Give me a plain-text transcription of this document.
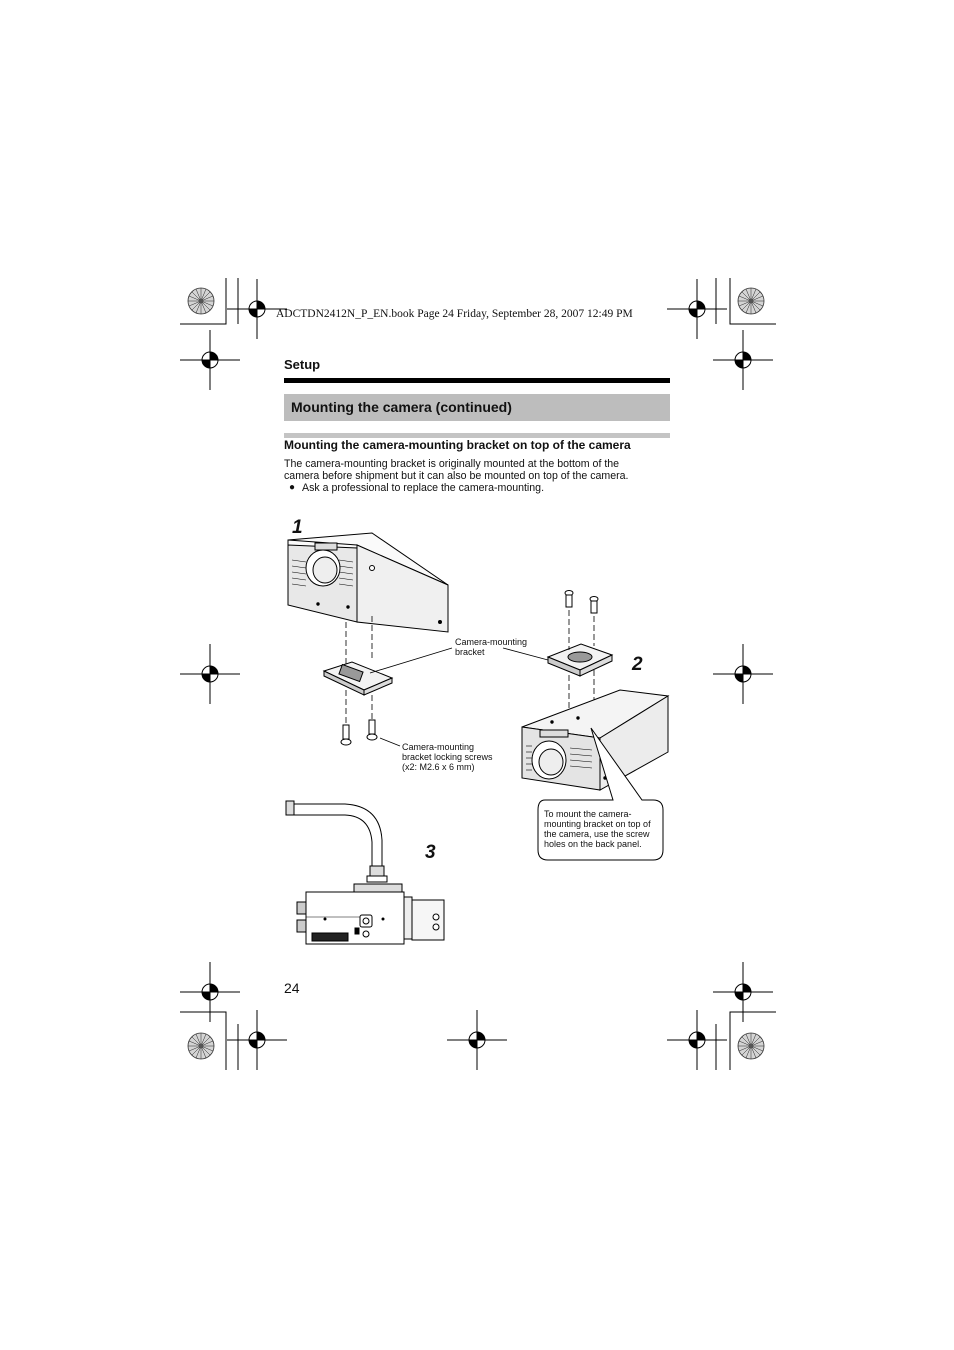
ADCTDN2412N_P_EN.book Page 24 Friday, September 28, 2007 12:49 PM
Setup
Mounting the camera (continued)
Mounting the camera-mounting bracket on top of the camera
The camera-mounting bracket is originally mounted at the bottom of the
camera before shipment but it can also be mounted on top of the camera.
● Ask a professional to replace the camera-mounting.
1
2
3
Camera-mounting
bracket
Camera-mounting
bracket locking screws
(x2: M2.6 x 6 mm)
To mount the camera-
mounting bracket on top of
the camera, use the screw
holes on the back panel.
24
